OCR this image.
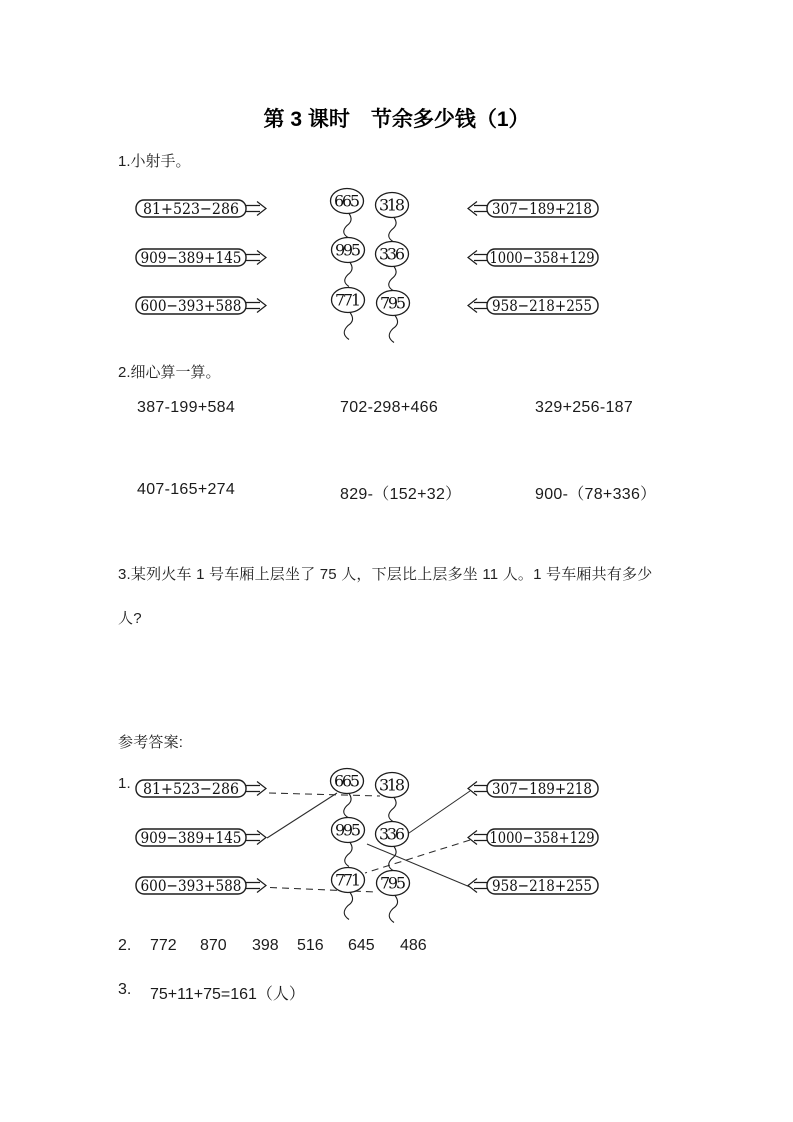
第 3 课时　节余多少钱（1）
1.小射手。
81+523−286
909−389+145
600−393+588
307−189+218
1000−358+129
958−218+255
665 318
995 336
771 795
2.细心算一算。
387-199+584	702-298+466	329+256-187
407-165+274	829-（152+32）	900-（78+336）
3.某列火车 1 号车厢上层坐了 75 人，下层比上层多坐 11 人。1 号车厢共有多少
人?
参考答案:
1. 81+523−286
909−389+145
600−393+588
307−189+218
1000−358+129
958−218+255
665 318
995 336
771 795
2. 772 870 398 516 645 486
3. 75+11+75=161（人）
